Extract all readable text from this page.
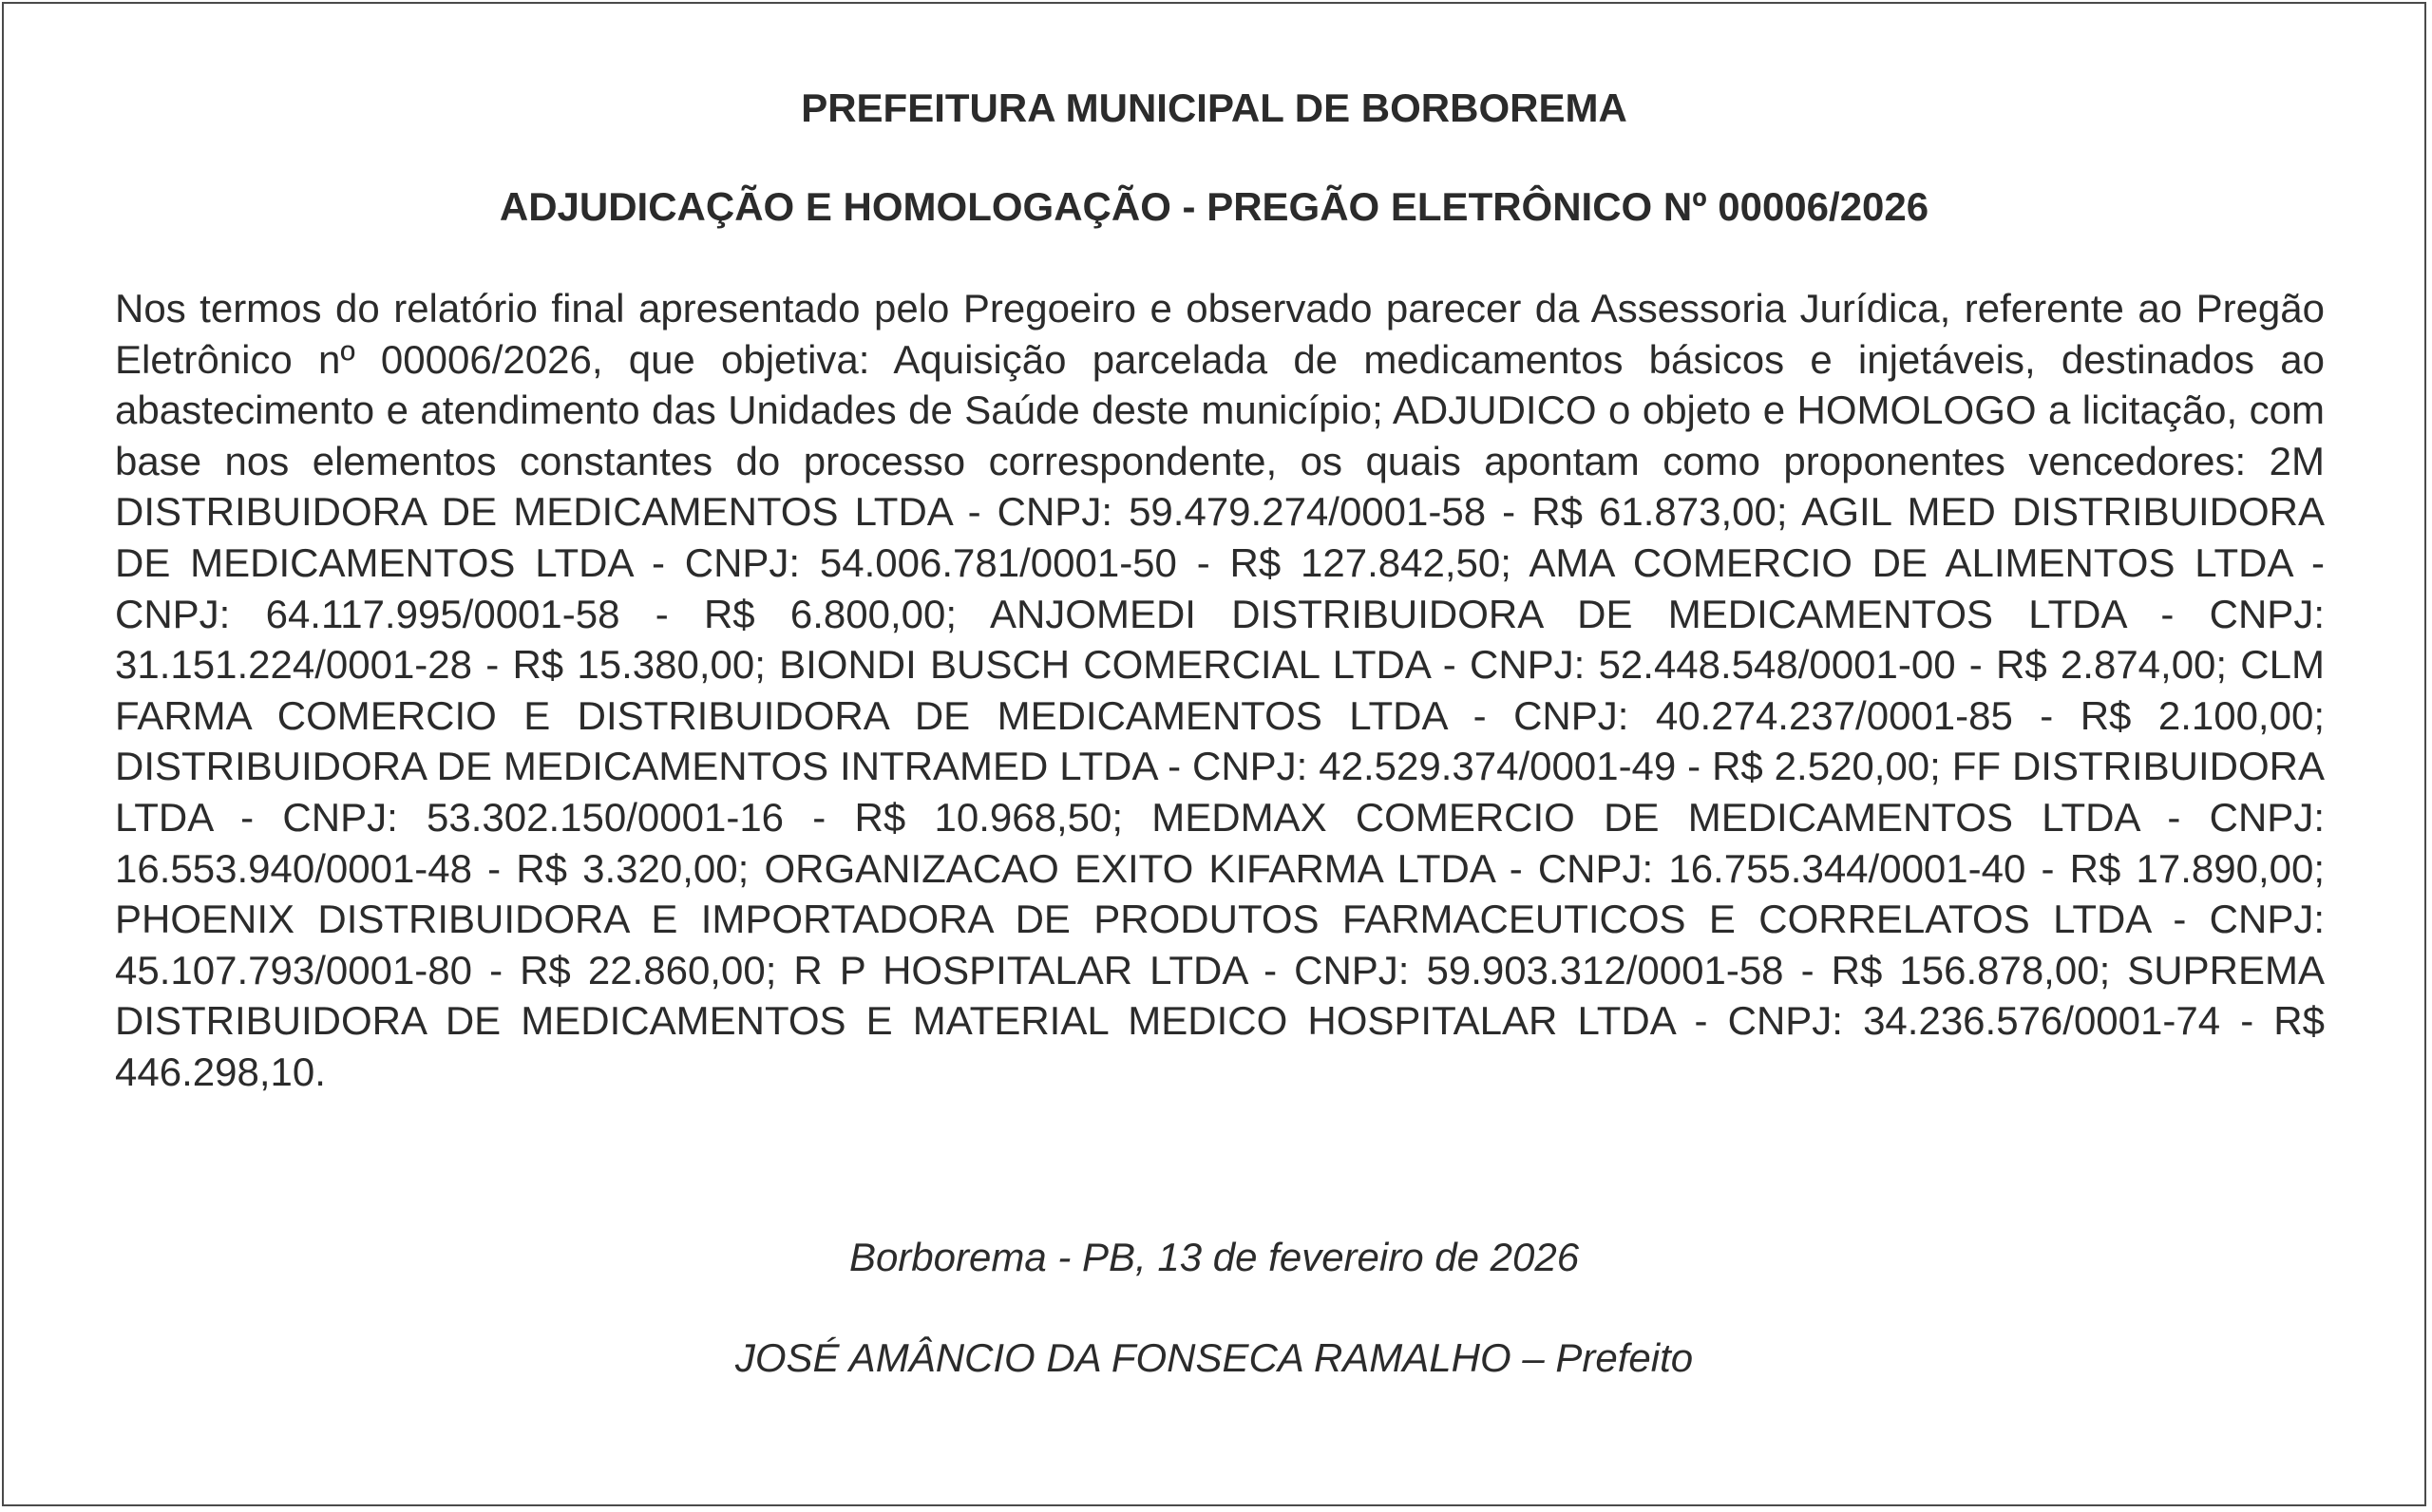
PREFEITURA MUNICIPAL DE BORBOREMA
ADJUDICAÇÃO E HOMOLOGAÇÃO - PREGÃO ELETRÔNICO Nº 00006/2026

Nos termos do relatório final apresentado pelo Pregoeiro e observado parecer da Assessoria Jurídica, referente ao Pregão Eletrônico nº 00006/2026, que objetiva: Aquisição parcelada de medicamentos básicos e injetáveis, destinados ao abastecimento e atendimento das Unidades de Saúde deste município; ADJUDICO o objeto e HOMOLOGO a licitação, com base nos elementos constantes do processo correspondente, os quais apontam como proponentes vencedores: 2M DISTRIBUIDORA DE MEDICAMENTOS LTDA - CNPJ: 59.479.274/0001-58 - R$ 61.873,00; AGIL MED DISTRIBUIDORA DE MEDICAMENTOS LTDA - CNPJ: 54.006.781/0001-50 - R$ 127.842,50; AMA COMERCIO DE ALIMENTOS LTDA - CNPJ: 64.117.995/0001-58 - R$ 6.800,00; ANJOMEDI DISTRIBUIDORA DE MEDICAMENTOS LTDA - CNPJ: 31.151.224/0001-28 - R$ 15.380,00; BIONDI BUSCH COMERCIAL LTDA - CNPJ: 52.448.548/0001-00 - R$ 2.874,00; CLM FARMA COMERCIO E DISTRIBUIDORA DE MEDICAMENTOS LTDA - CNPJ: 40.274.237/0001-85 - R$ 2.100,00; DISTRIBUIDORA DE MEDICAMENTOS INTRAMED LTDA - CNPJ: 42.529.374/0001-49 - R$ 2.520,00; FF DISTRIBUIDORA LTDA - CNPJ: 53.302.150/0001-16 - R$ 10.968,50; MEDMAX COMERCIO DE MEDICAMENTOS LTDA - CNPJ: 16.553.940/0001-48 - R$ 3.320,00; ORGANIZACAO EXITO KIFARMA LTDA - CNPJ: 16.755.344/0001-40 - R$ 17.890,00; PHOENIX DISTRIBUIDORA E IMPORTADORA DE PRODUTOS FARMACEUTICOS E CORRELATOS LTDA - CNPJ: 45.107.793/0001-80 - R$ 22.860,00; R P HOSPITALAR LTDA - CNPJ: 59.903.312/0001-58 - R$ 156.878,00; SUPREMA DISTRIBUIDORA DE MEDICAMENTOS E MATERIAL MEDICO HOSPITALAR LTDA - CNPJ: 34.236.576/0001-74 - R$ 446.298,10.

Borborema - PB, 13 de fevereiro de 2026
JOSÉ AMÂNCIO DA FONSECA RAMALHO – Prefeito
